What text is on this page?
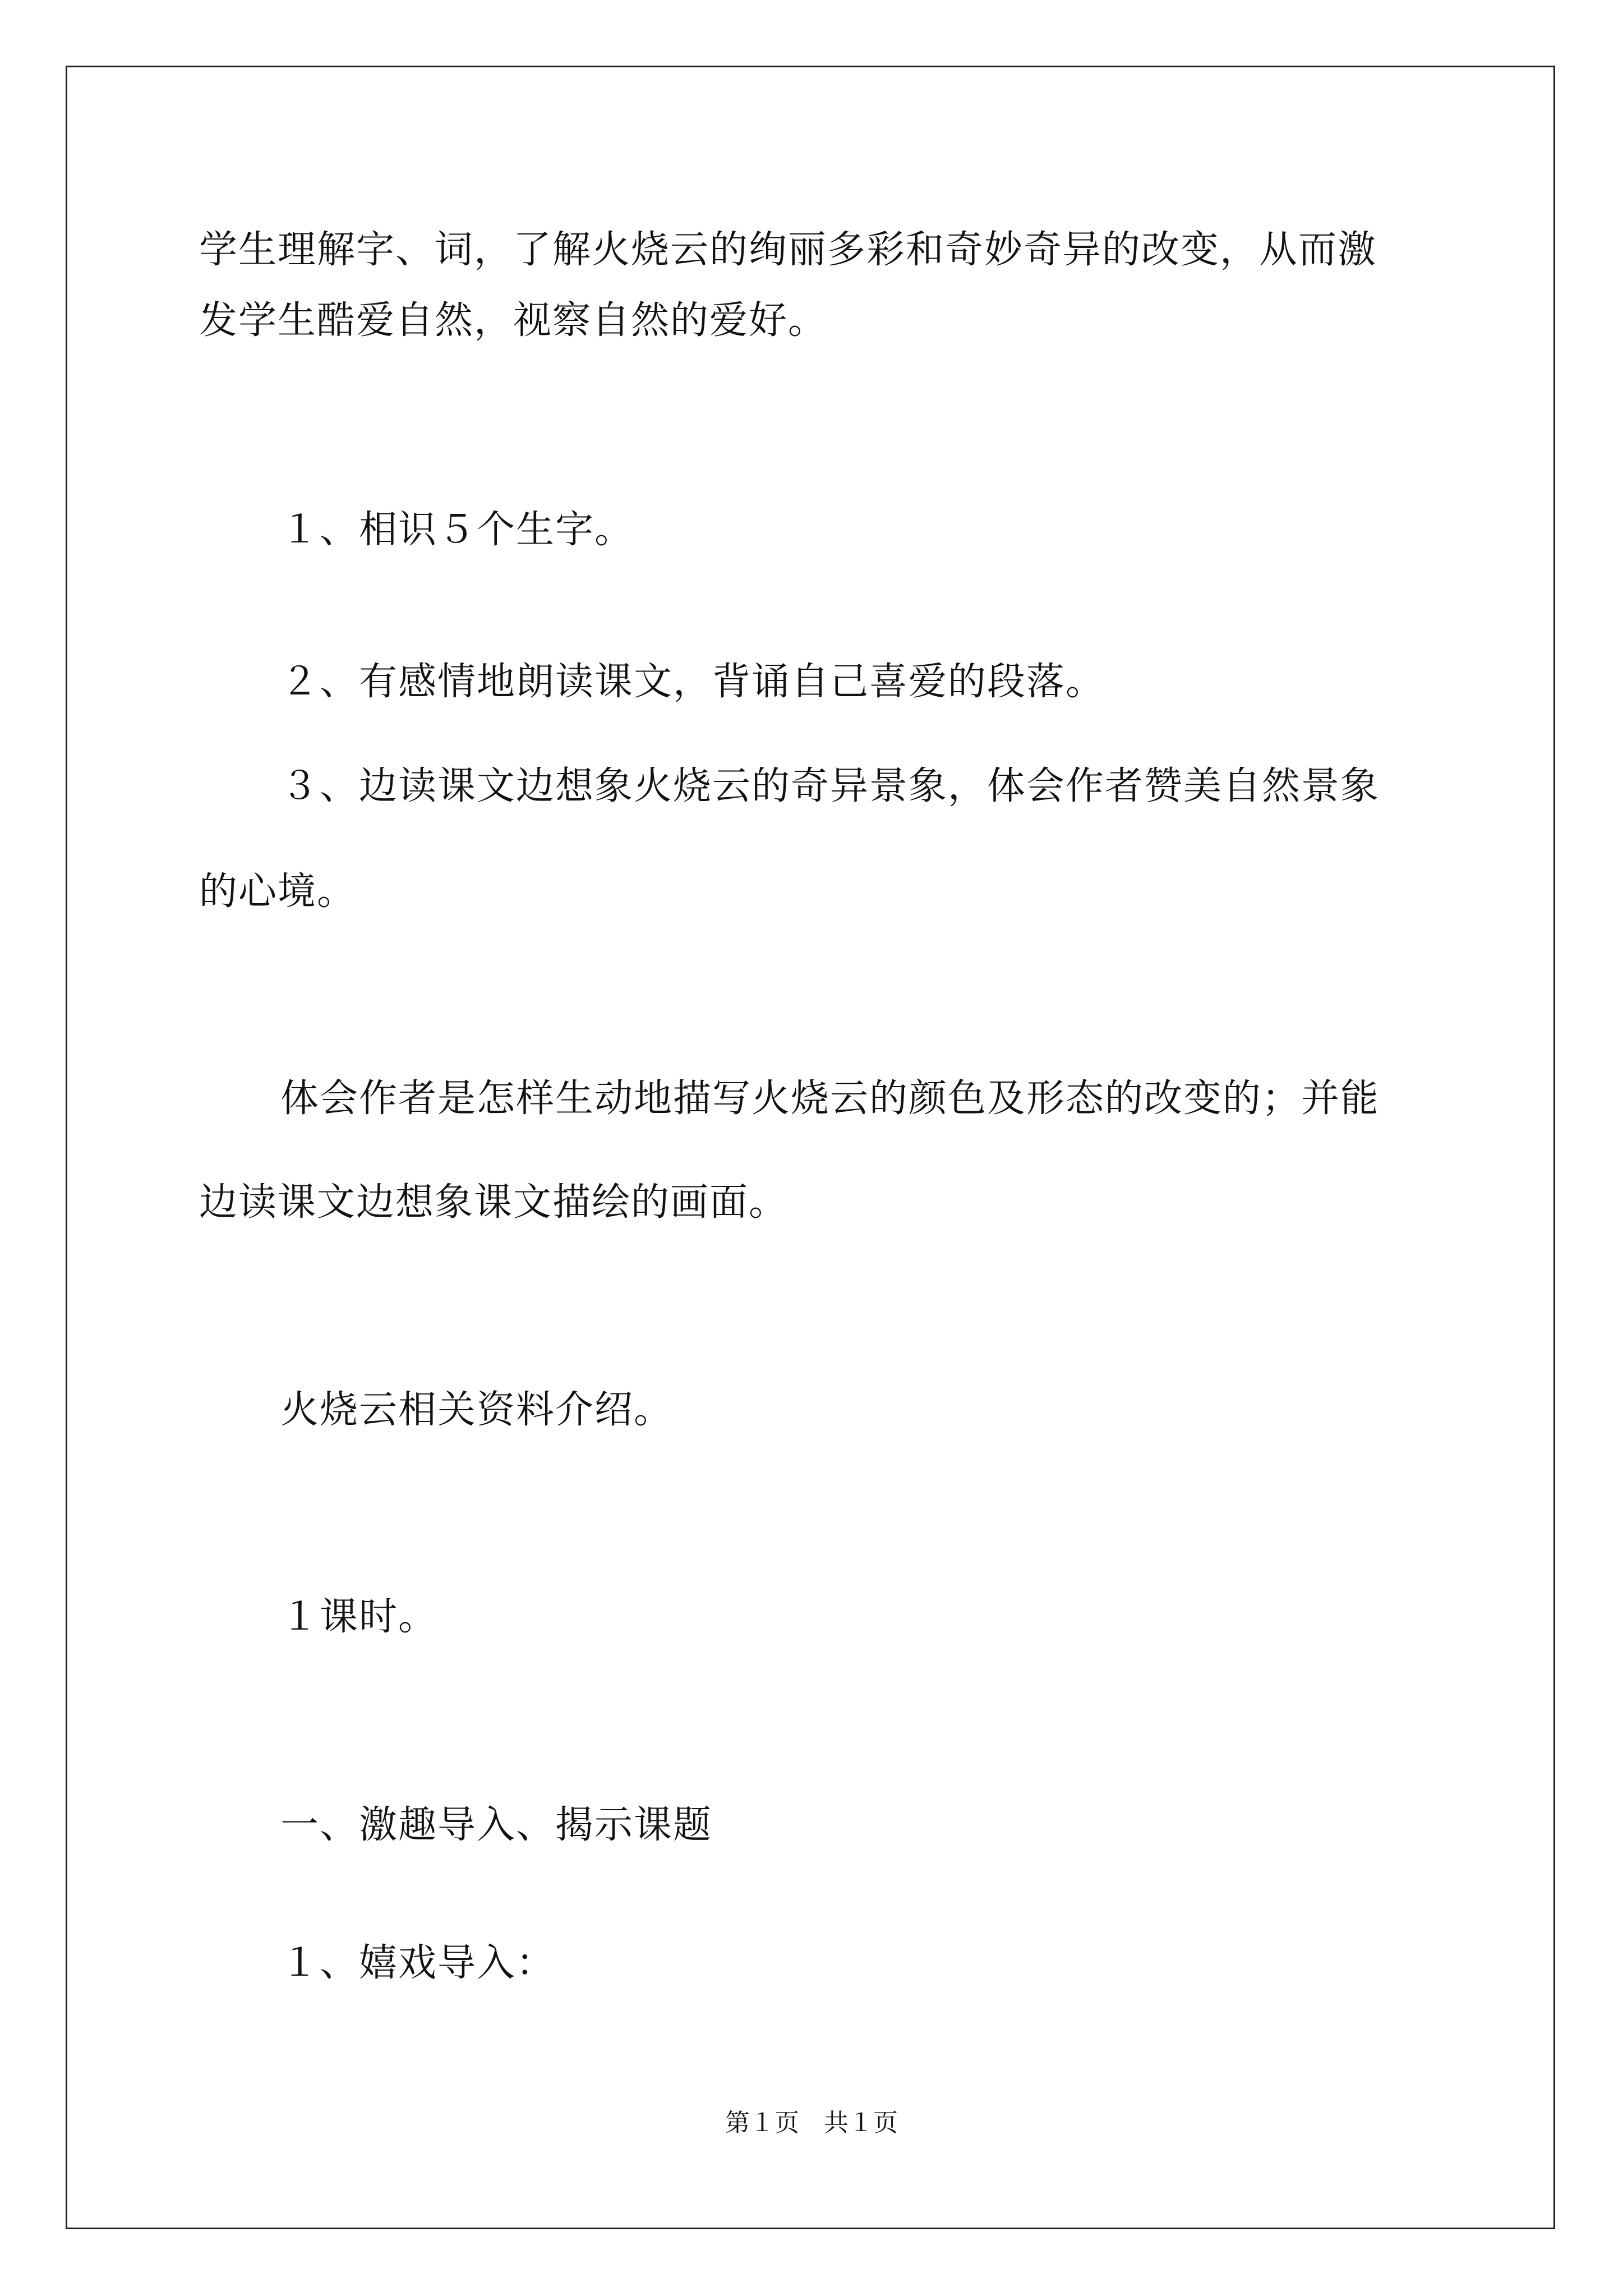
学生理解字、词，了解火烧云的绚丽多彩和奇妙奇异的改变，从而激
发学生酷爱自然，视察自然的爱好。
１、相识５个生字。
２、有感情地朗读课文，背诵自己喜爱的段落。
３、边读课文边想象火烧云的奇异景象，体会作者赞美自然景象
的心境。
体会作者是怎样生动地描写火烧云的颜色及形态的改变的；并能
边读课文边想象课文描绘的画面。
火烧云相关资料介绍。
１课时。
一、激趣导入、揭示课题
１、嬉戏导入：
第１页　共１页
